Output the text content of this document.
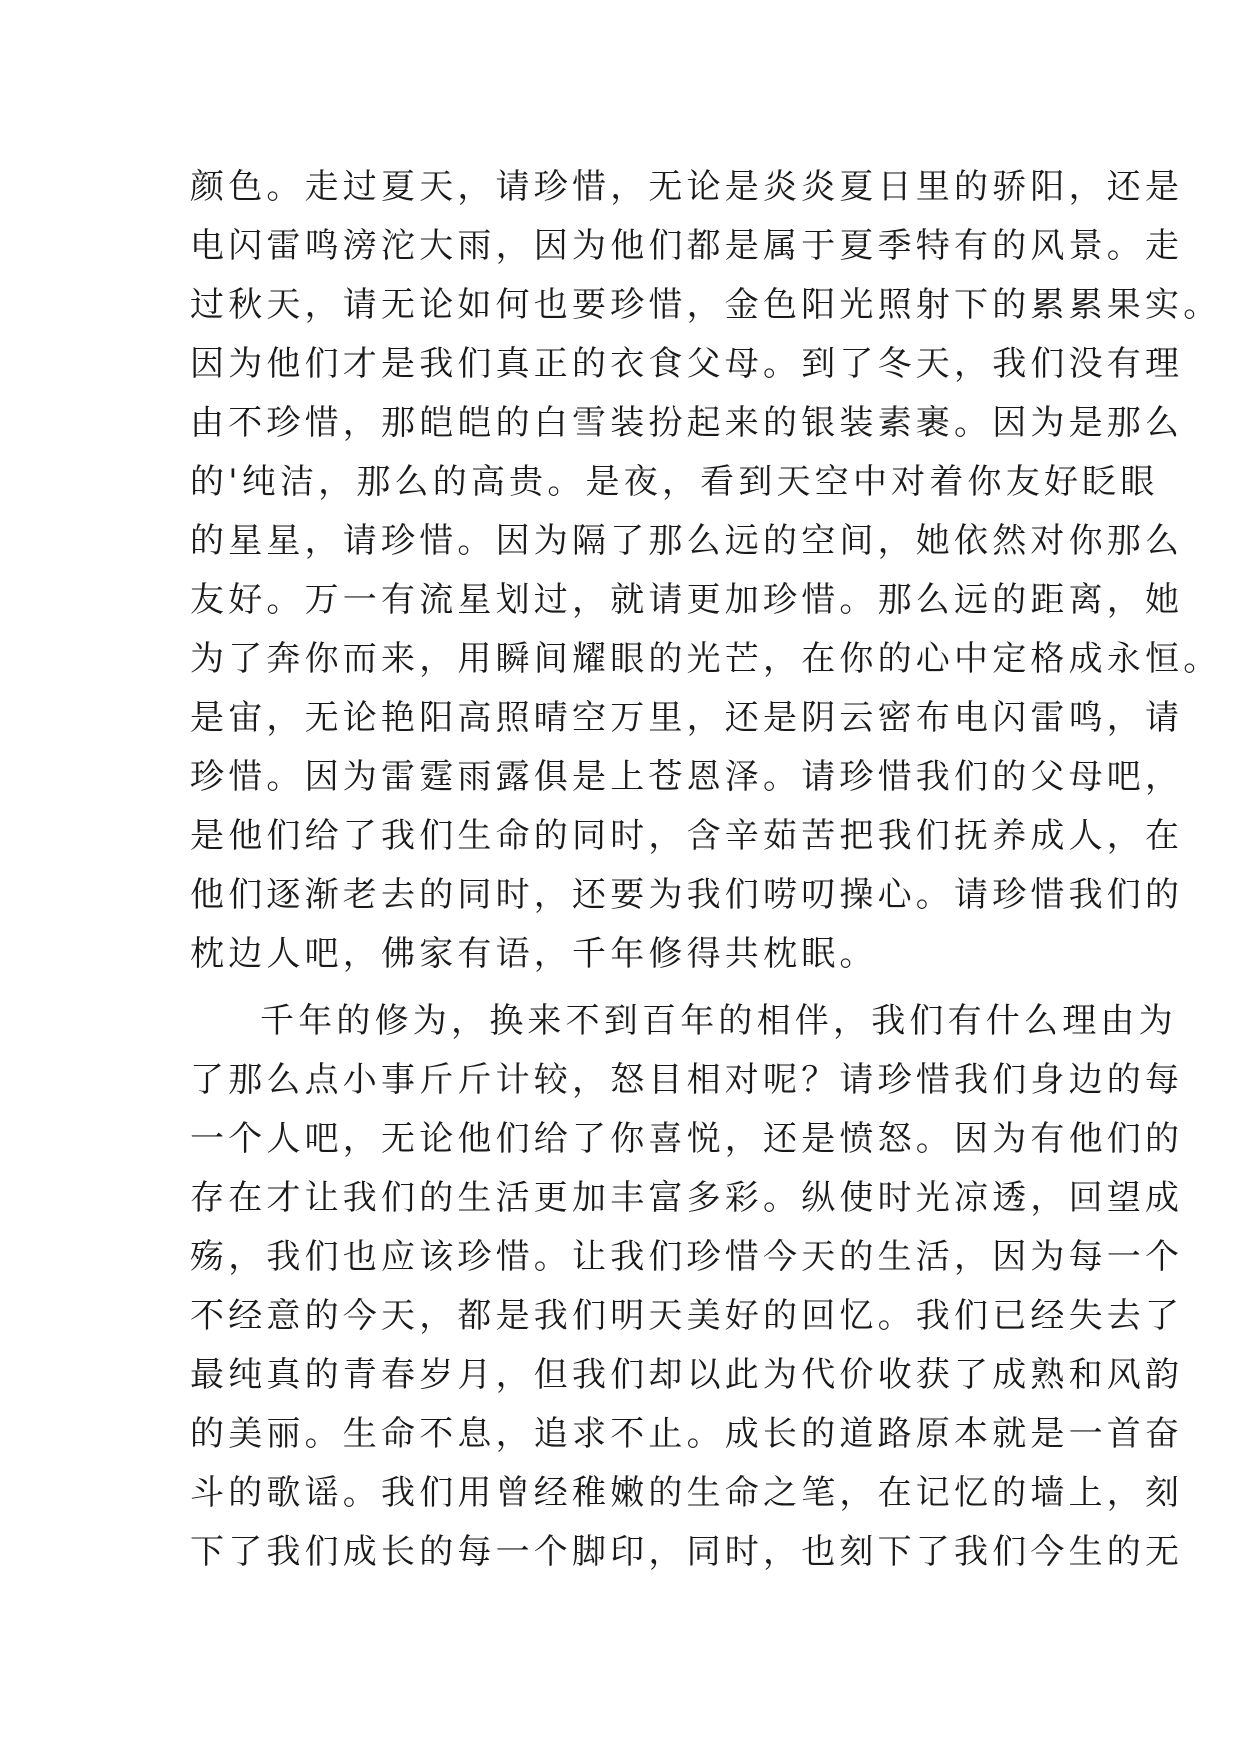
颜色。走过夏天，请珍惜，无论是炎炎夏日里的骄阳，还是
电闪雷鸣滂沱大雨，因为他们都是属于夏季特有的风景。走
过秋天，请无论如何也要珍惜，金色阳光照射下的累累果实。
因为他们才是我们真正的衣食父母。到了冬天，我们没有理
由不珍惜，那皑皑的白雪装扮起来的银装素裹。因为是那么
的'纯洁，那么的高贵。是夜，看到天空中对着你友好眨眼
的星星，请珍惜。因为隔了那么远的空间，她依然对你那么
友好。万一有流星划过，就请更加珍惜。那么远的距离，她
为了奔你而来，用瞬间耀眼的光芒，在你的心中定格成永恒。
是宙，无论艳阳高照晴空万里，还是阴云密布电闪雷鸣，请
珍惜。因为雷霆雨露俱是上苍恩泽。请珍惜我们的父母吧，
是他们给了我们生命的同时，含辛茹苦把我们抚养成人，在
他们逐渐老去的同时，还要为我们唠叨操心。请珍惜我们的
枕边人吧，佛家有语，千年修得共枕眠。
千年的修为，换来不到百年的相伴，我们有什么理由为
了那么点小事斤斤计较，怒目相对呢？请珍惜我们身边的每
一个人吧，无论他们给了你喜悦，还是愤怒。因为有他们的
存在才让我们的生活更加丰富多彩。纵使时光凉透，回望成
殇，我们也应该珍惜。让我们珍惜今天的生活，因为每一个
不经意的今天，都是我们明天美好的回忆。我们已经失去了
最纯真的青春岁月，但我们却以此为代价收获了成熟和风韵
的美丽。生命不息，追求不止。成长的道路原本就是一首奋
斗的歌谣。我们用曾经稚嫩的生命之笔，在记忆的墙上，刻
下了我们成长的每一个脚印，同时，也刻下了我们今生的无
